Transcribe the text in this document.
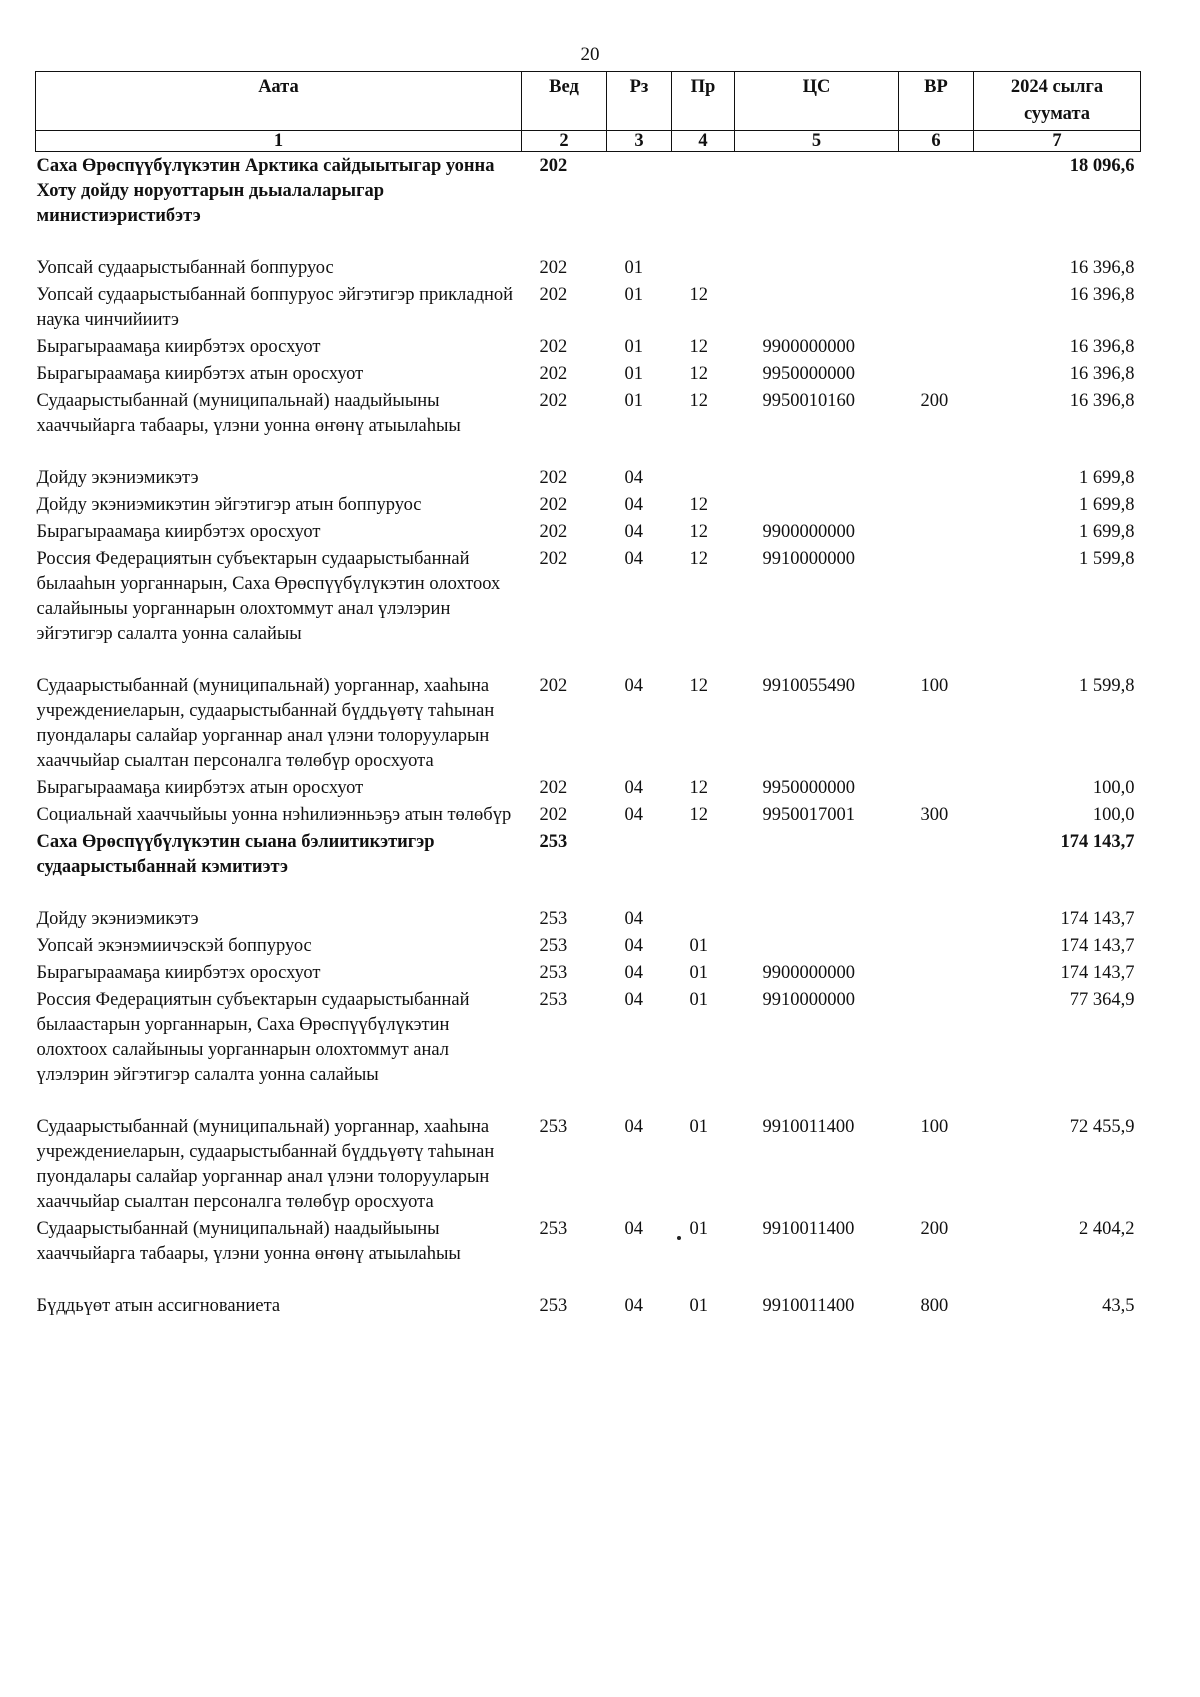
20
Аата	Вед	Рз	Пр	ЦС	ВР	2024 сылга суумата
1	2	3	4	5	6	7
Саха Өрөспүүбүлүкэтин Арктика сайдыытыгар уонна Хоту дойду норуоттарын дьыалаларыгар министиэристибэтэ	202					18 096,6
Уопсай судаарыстыбаннай боппуруос	202	01				16 396,8
Уопсай судаарыстыбаннай боппуруос эйгэтигэр прикладной наука чинчийиитэ	202	01	12			16 396,8
Бырагыраамаҕа киирбэтэх оросхуот	202	01	12	9900000000		16 396,8
Бырагыраамаҕа киирбэтэх атын оросхуот	202	01	12	9950000000		16 396,8
Судаарыстыбаннай (муниципальнай) наадыйыыны хааччыйарга табаары, үлэни уонна өҥөнү атыылаһыы	202	01	12	9950010160	200	16 396,8
Дойду экэниэмикэтэ	202	04				1 699,8
Дойду экэниэмикэтин эйгэтигэр атын боппуруос	202	04	12			1 699,8
Бырагыраамаҕа киирбэтэх оросхуот	202	04	12	9900000000		1 699,8
Россия Федерациятын субъектарын судаарыстыбаннай былааһын уорганнарын, Саха Өрөспүүбүлүкэтин олохтоох салайыныы уорганнарын олохтоммут анал үлэлэрин эйгэтигэр салалта уонна салайыы	202	04	12	9910000000		1 599,8
Судаарыстыбаннай (муниципальнай) уорганнар, хааһына учреждениеларын, судаарыстыбаннай бүддьүөтү таһынан пуондалары салайар уорганнар анал үлэни толорууларын хааччыйар сыалтан персоналга төлөбүр оросхуота	202	04	12	9910055490	100	1 599,8
Бырагыраамаҕа киирбэтэх атын оросхуот	202	04	12	9950000000		100,0
Социальнай хааччыйыы уонна нэһилиэнньэҕэ атын төлөбүр	202	04	12	9950017001	300	100,0
Саха Өрөспүүбүлүкэтин сыана бэлиитикэтигэр судаарыстыбаннай кэмитиэтэ	253					174 143,7
Дойду экэниэмикэтэ	253	04				174 143,7
Уопсай экэнэмиичэскэй боппуруос	253	04	01			174 143,7
Бырагыраамаҕа киирбэтэх оросхуот	253	04	01	9900000000		174 143,7
Россия Федерациятын субъектарын судаарыстыбаннай былаастарын уорганнарын, Саха Өрөспүүбүлүкэтин олохтоох салайыныы уорганнарын олохтоммут анал үлэлэрин эйгэтигэр салалта уонна салайыы	253	04	01	9910000000		77 364,9
Судаарыстыбаннай (муниципальнай) уорганнар, хааһына учреждениеларын, судаарыстыбаннай бүддьүөтү таһынан пуондалары салайар уорганнар анал үлэни толорууларын хааччыйар сыалтан персоналга төлөбүр оросхуота	253	04	01	9910011400	100	72 455,9
Судаарыстыбаннай (муниципальнай) наадыйыыны хааччыйарга табаары, үлэни уонна өҥөнү атыылаһыы	253	04	01	9910011400	200	2 404,2
Бүддьүөт атын ассигнованиета	253	04	01	9910011400	800	43,5
